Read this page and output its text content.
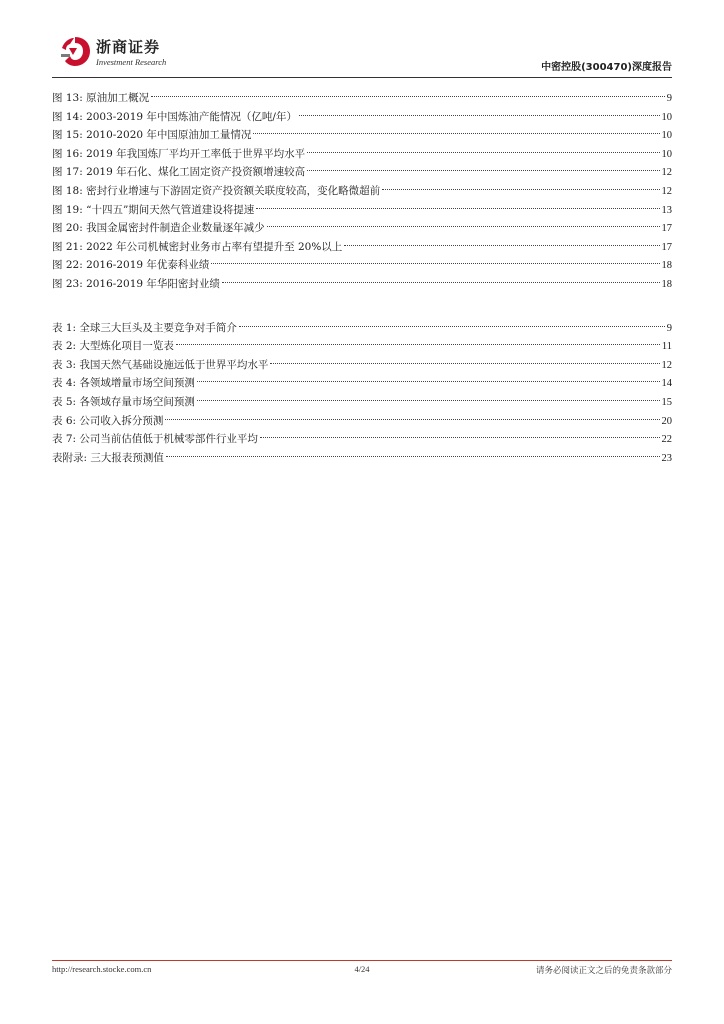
浙商证券
Investment Research	中密控股(300470)深度报告
图 13: 原油加工概况	9
图 14: 2003-2019 年中国炼油产能情况（亿吨/年）	10
图 15: 2010-2020 年中国原油加工量情况	10
图 16: 2019 年我国炼厂平均开工率低于世界平均水平	10
图 17: 2019 年石化、煤化工固定资产投资额增速较高	12
图 18: 密封行业增速与下游固定资产投资额关联度较高，变化略微超前	12
图 19: “十四五”期间天然气管道建设将提速	13
图 20: 我国金属密封件制造企业数量逐年减少	17
图 21: 2022 年公司机械密封业务市占率有望提升至 20%以上	17
图 22: 2016-2019 年优泰科业绩	18
图 23: 2016-2019 年华阳密封业绩	18
表 1: 全球三大巨头及主要竞争对手简介	9
表 2: 大型炼化项目一览表	11
表 3: 我国天然气基础设施远低于世界平均水平	12
表 4: 各领域增量市场空间预测	14
表 5: 各领域存量市场空间预测	15
表 6: 公司收入拆分预测	20
表 7: 公司当前估值低于机械零部件行业平均	22
表附录: 三大报表预测值	23
http://research.stocke.com.cn	4/24	请务必阅读正文之后的免责条款部分
